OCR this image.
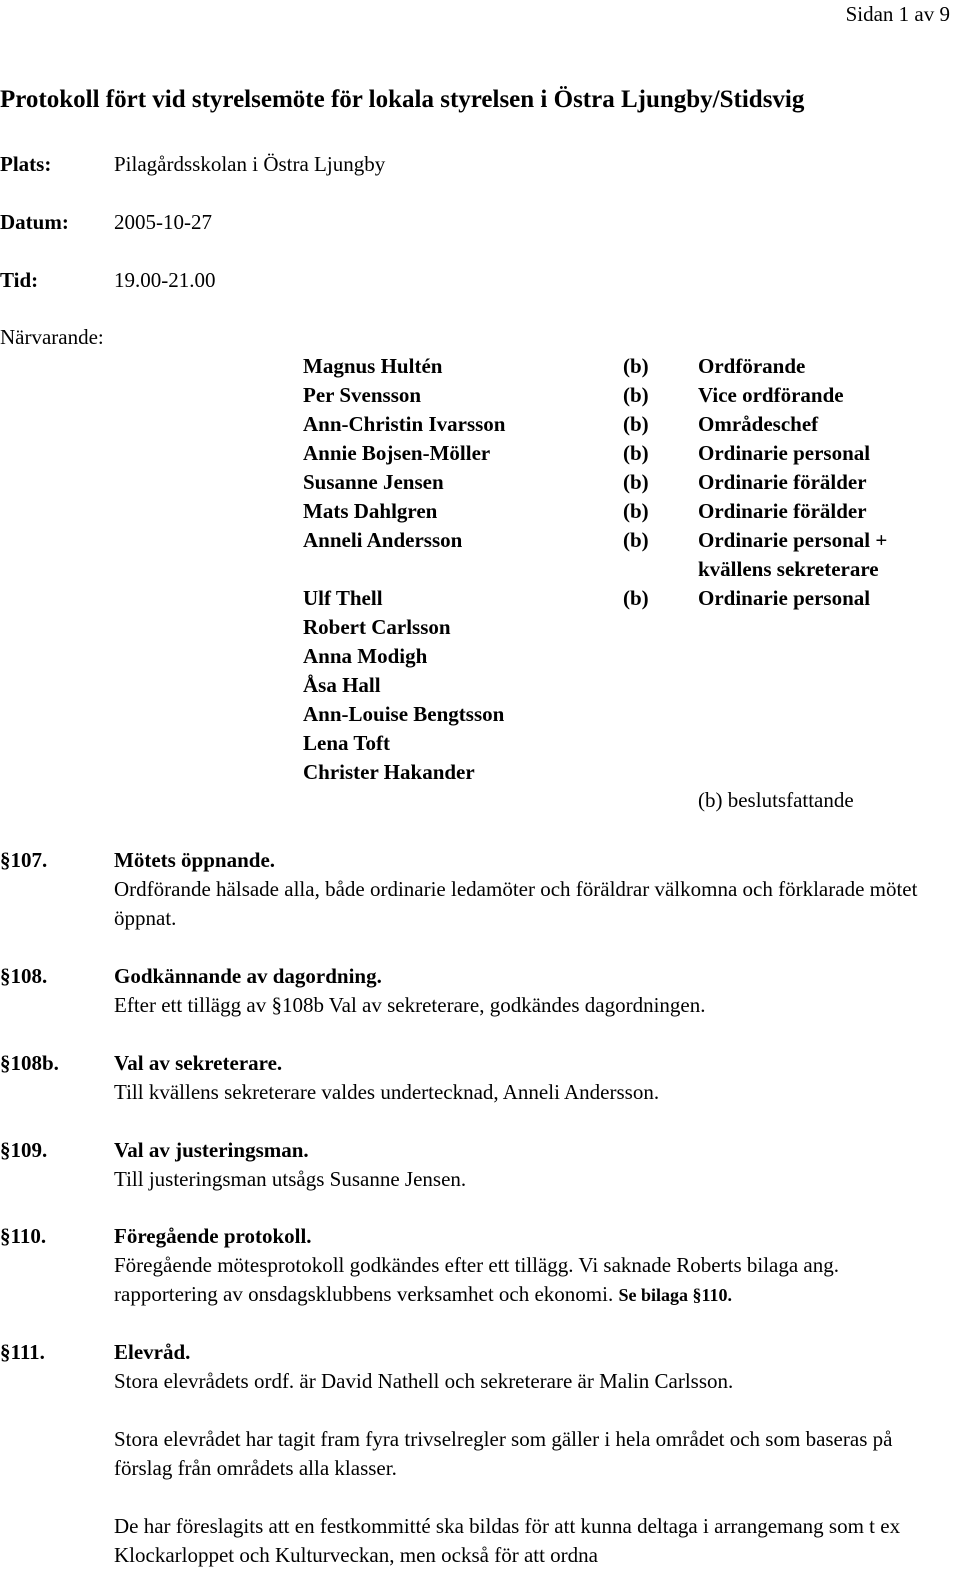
Sidan 1 av 9
Protokoll fört vid styrelsemöte för lokala styrelsen i Östra Ljungby/Stidsvig
Plats:	Pilagårdsskolan i Östra Ljungby
Datum: 2005-10-27
Tid:	19.00-21.00
Närvarande:
Magnus Hultén	(b)	Ordförande
Per Svensson	(b)	Vice ordförande
Ann-Christin Ivarsson	(b)	Områdeschef
Annie Bojsen-Möller	(b)	Ordinarie personal
Susanne Jensen	(b)	Ordinarie förälder
Mats Dahlgren	(b)	Ordinarie förälder
Anneli Andersson	(b)	Ordinarie personal + kvällens sekreterare
Ulf Thell	(b)	Ordinarie personal
Robert Carlsson
Anna Modigh
Åsa Hall
Ann-Louise Bengtsson
Lena Toft
Christer Hakander
(b) beslutsfattande
§107.	Mötets öppnande.
Ordförande hälsade alla, både ordinarie ledamöter och föräldrar välkomna och förklarade mötet öppnat.
§108.	Godkännande av dagordning.
Efter ett tillägg av §108b Val av sekreterare, godkändes dagordningen.
§108b.	Val av sekreterare.
Till kvällens sekreterare valdes undertecknad, Anneli Andersson.
§109.	Val av justeringsman.
Till justeringsman utsågs Susanne Jensen.
§110.	Föregående protokoll.
Föregående mötesprotokoll godkändes efter ett tillägg. Vi saknade Roberts bilaga ang. rapportering av onsdagsklubbens verksamhet och ekonomi. Se bilaga §110.
§111.	Elevråd.
Stora elevrådets ordf. är David Nathell och sekreterare är Malin Carlsson.
Stora elevrådet har tagit fram fyra trivselregler som gäller i hela området och som baseras på förslag från områdets alla klasser.
De har föreslagits att en festkommitté ska bildas för att kunna deltaga i arrangemang som t ex Klockarloppet och Kulturveckan, men också för att ordna
